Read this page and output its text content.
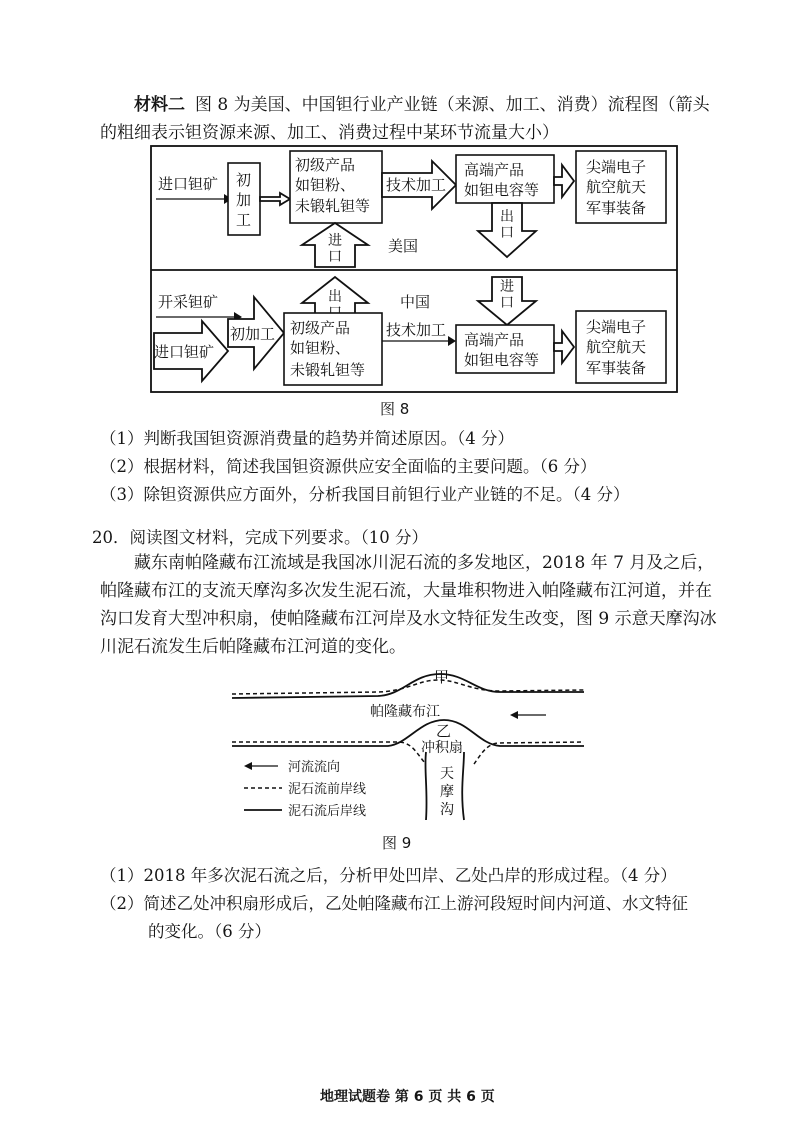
材料二 图 8 为美国、中国钽行业产业链（来源、加工、消费）流程图（箭头
的粗细表示钽资源来源、加工、消费过程中某环节流量大小）
进口钽矿 初
加
工
初级产品
如钽粉、
未锻轧钽等
技术加工
高端产品
如钽电容等
尖端电子
航空航天
军事装备
进
口
出
口
美国
中国
出
进
口
开采钽矿
进口钽矿
初加工 初级产品
如钽粉、
未锻轧钽等
技术加工
高端产品
如钽电容等
尖端电子
航空航天
军事装备
图 8
（1）判断我国钽资源消费量的趋势并简述原因。（4 分）
（2）根据材料，简述我国钽资源供应安全面临的主要问题。（6 分）
（3）除钽资源供应方面外，分析我国目前钽行业产业链的不足。（4 分）
20．阅读图文材料，完成下列要求。（10 分）
藏东南帕隆藏布江流域是我国冰川泥石流的多发地区，2018 年 7 月及之后，
帕隆藏布江的支流天摩沟多次发生泥石流，大量堆积物进入帕隆藏布江河道，并在
沟口发育大型冲积扇，使帕隆藏布江河岸及水文特征发生改变，图 9 示意天摩沟冰
川泥石流发生后帕隆藏布江河道的变化。
甲
帕隆藏布江
乙
冲积扇
天
摩
沟
河流流向
泥石流前岸线
泥石流后岸线
图 9
（1）2018 年多次泥石流之后，分析甲处凹岸、乙处凸岸的形成过程。（4 分）
（2）简述乙处冲积扇形成后，乙处帕隆藏布江上游河段短时间内河道、水文特征
的变化。（6 分）
地理试题卷 第 6 页 共 6 页
